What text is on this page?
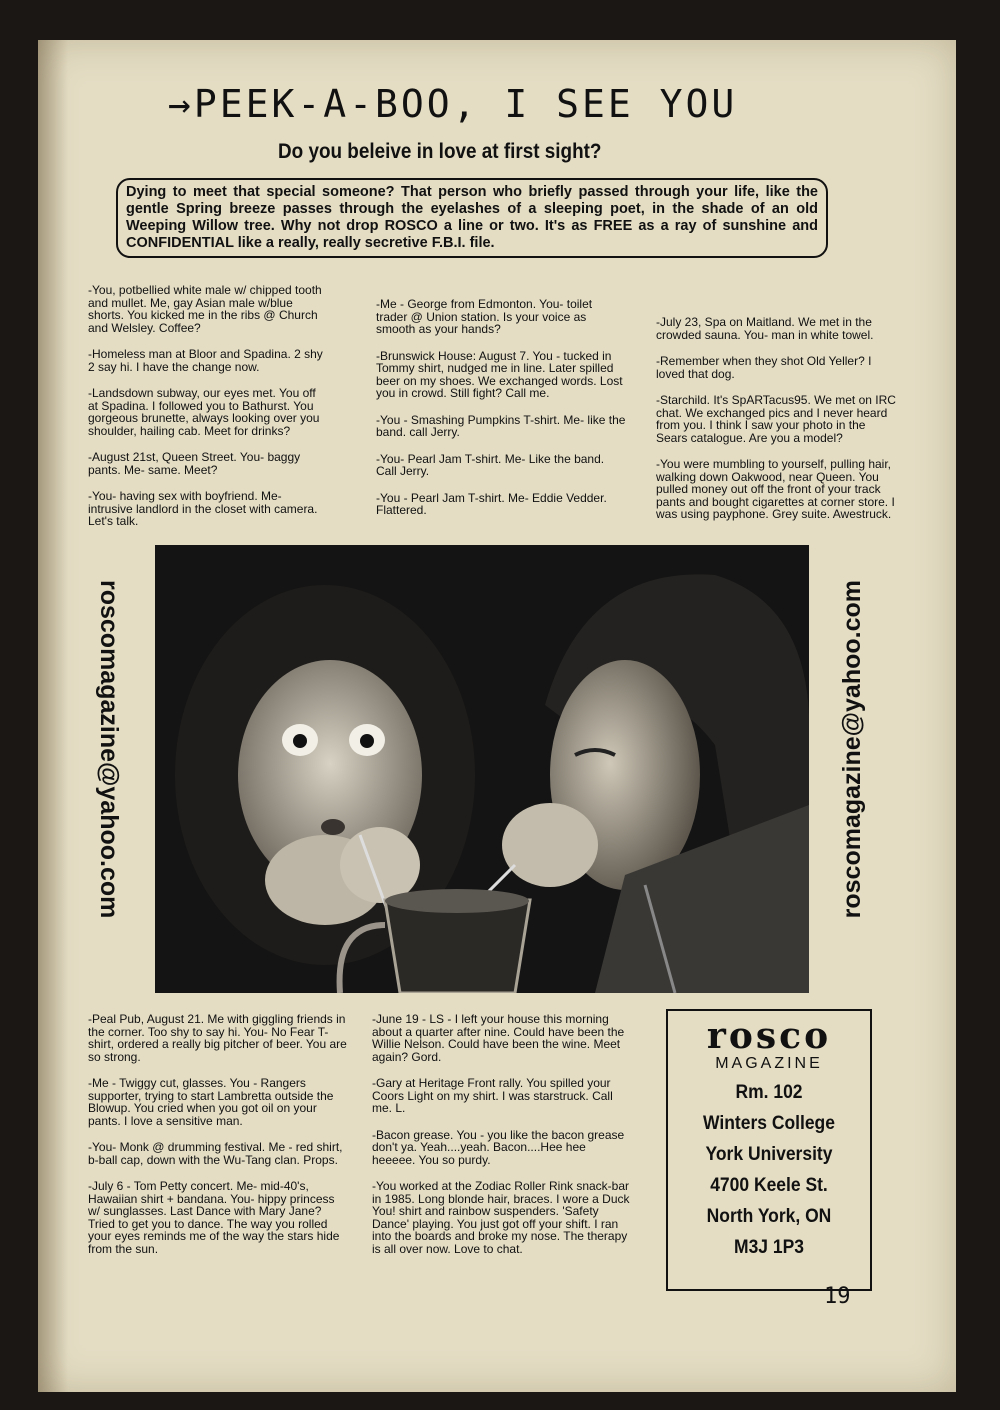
→PEEK-A-BOO, I SEE YOU
Do you beleive in love at first sight?
Dying to meet that special someone? That person who briefly passed through your life, like the gentle Spring breeze passes through the eyelashes of a sleeping poet, in the shade of an old Weeping Willow tree. Why not drop ROSCO a line or two. It's as FREE as a ray of sunshine and CONFIDENTIAL like a really, really secretive F.B.I. file.

-You, potbellied white male w/ chipped tooth and mullet. Me, gay Asian male w/blue shorts. You kicked me in the ribs @ Church and Welsley. Coffee?

-Homeless man at Bloor and Spadina. 2 shy 2 say hi. I have the change now.

-Landsdown subway, our eyes met. You off at Spadina. I followed you to Bathurst. You gorgeous brunette, always looking over you shoulder, hailing cab. Meet for drinks?

-August 21st, Queen Street. You- baggy pants. Me- same. Meet?

-You- having sex with boyfriend. Me- intrusive landlord in the closet with camera. Let's talk.

-Me - George from Edmonton. You- toilet trader @ Union station. Is your voice as smooth as your hands?

-Brunswick House: August 7. You - tucked in Tommy shirt, nudged me in line. Later spilled beer on my shoes. We exchanged words. Lost you in crowd. Still fight? Call me.

-You - Smashing Pumpkins T-shirt. Me- like the band. call Jerry.

-You- Pearl Jam T-shirt. Me- Like the band. Call Jerry.

-You - Pearl Jam T-shirt. Me- Eddie Vedder. Flattered.

-July 23, Spa on Maitland. We met in the crowded sauna. You- man in white towel.

-Remember when they shot Old Yeller? I loved that dog.

-Starchild. It's SpARTacus95. We met on IRC chat. We exchanged pics and I never heard from you. I think I saw your photo in the Sears catalogue. Are you a model?

-You were mumbling to yourself, pulling hair, walking down Oakwood, near Queen. You pulled money out off the front of your track pants and bought cigarettes at corner store. I was using payphone. Grey suite. Awestruck.

roscomagazine@yahoo.com	roscomagazine@yahoo.com

-Peal Pub, August 21. Me with giggling friends in the corner. Too shy to say hi. You- No Fear T-shirt, ordered a really big pitcher of beer. You are so strong.

-Me - Twiggy cut, glasses. You - Rangers supporter, trying to start Lambretta outside the Blowup. You cried when you got oil on your pants. I love a sensitive man.

-You- Monk @ drumming festival. Me - red shirt, b-ball cap, down with the Wu-Tang clan. Props.

-July 6 - Tom Petty concert. Me- mid-40's, Hawaiian shirt + bandana. You- hippy princess w/ sunglasses. Last Dance with Mary Jane? Tried to get you to dance. The way you rolled your eyes reminds me of the way the stars hide from the sun.

-June 19 - LS - I left your house this morning about a quarter after nine. Could have been the Willie Nelson. Could have been the wine. Meet again? Gord.

-Gary at Heritage Front rally. You spilled your Coors Light on my shirt. I was starstruck. Call me. L.

-Bacon grease. You - you like the bacon grease don't ya. Yeah....yeah. Bacon....Hee hee heeeee. You so purdy.

-You worked at the Zodiac Roller Rink snack-bar in 1985. Long blonde hair, braces. I wore a Duck You! shirt and rainbow suspenders. 'Safety Dance' playing. You just got off your shift. I ran into the boards and broke my nose. The therapy is all over now. Love to chat.

rosco
MAGAZINE
Rm. 102
Winters College
York University
4700 Keele St.
North York, ON
M3J 1P3
19
